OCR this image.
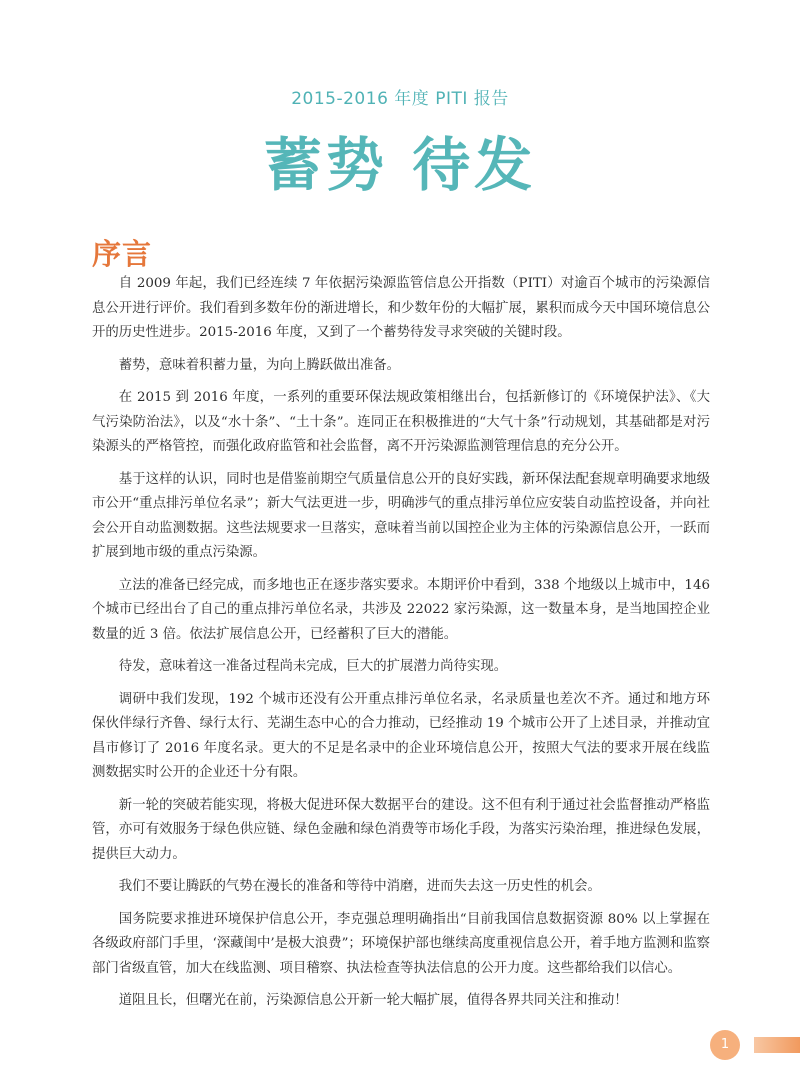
2015-2016 年度 PITI 报告
蓄势 待发
序言

自 2009 年起，我们已经连续 7 年依据污染源监管信息公开指数（PITI）对逾百个城市的污染源信息公开进行评价。我们看到多数年份的渐进增长，和少数年份的大幅扩展，累积而成今天中国环境信息公开的历史性进步。2015-2016 年度，又到了一个蓄势待发寻求突破的关键时段。

蓄势，意味着积蓄力量，为向上腾跃做出准备。

在 2015 到 2016 年度，一系列的重要环保法规政策相继出台，包括新修订的《环境保护法》、《大气污染防治法》，以及“水十条”、“土十条”。连同正在积极推进的“大气十条”行动规划，其基础都是对污染源头的严格管控，而强化政府监管和社会监督，离不开污染源监测管理信息的充分公开。

基于这样的认识，同时也是借鉴前期空气质量信息公开的良好实践，新环保法配套规章明确要求地级市公开“重点排污单位名录”；新大气法更进一步，明确涉气的重点排污单位应安装自动监控设备，并向社会公开自动监测数据。这些法规要求一旦落实，意味着当前以国控企业为主体的污染源信息公开，一跃而扩展到地市级的重点污染源。

立法的准备已经完成，而多地也正在逐步落实要求。本期评价中看到，338 个地级以上城市中，146 个城市已经出台了自己的重点排污单位名录，共涉及 22022 家污染源，这一数量本身，是当地国控企业数量的近 3 倍。依法扩展信息公开，已经蓄积了巨大的潜能。

待发，意味着这一准备过程尚未完成，巨大的扩展潜力尚待实现。

调研中我们发现，192 个城市还没有公开重点排污单位名录，名录质量也差次不齐。通过和地方环保伙伴绿行齐鲁、绿行太行、芜湖生态中心的合力推动，已经推动 19 个城市公开了上述目录，并推动宜昌市修订了 2016 年度名录。更大的不足是名录中的企业环境信息公开，按照大气法的要求开展在线监测数据实时公开的企业还十分有限。

新一轮的突破若能实现，将极大促进环保大数据平台的建设。这不但有利于通过社会监督推动严格监管，亦可有效服务于绿色供应链、绿色金融和绿色消费等市场化手段，为落实污染治理，推进绿色发展，提供巨大动力。

我们不要让腾跃的气势在漫长的准备和等待中消磨，进而失去这一历史性的机会。

国务院要求推进环境保护信息公开，李克强总理明确指出“目前我国信息数据资源 80% 以上掌握在各级政府部门手里，‘深藏闺中’是极大浪费”；环境保护部也继续高度重视信息公开，着手地方监测和监察部门省级直管，加大在线监测、项目稽察、执法检查等执法信息的公开力度。这些都给我们以信心。

道阻且长，但曙光在前，污染源信息公开新一轮大幅扩展，值得各界共同关注和推动！

1
